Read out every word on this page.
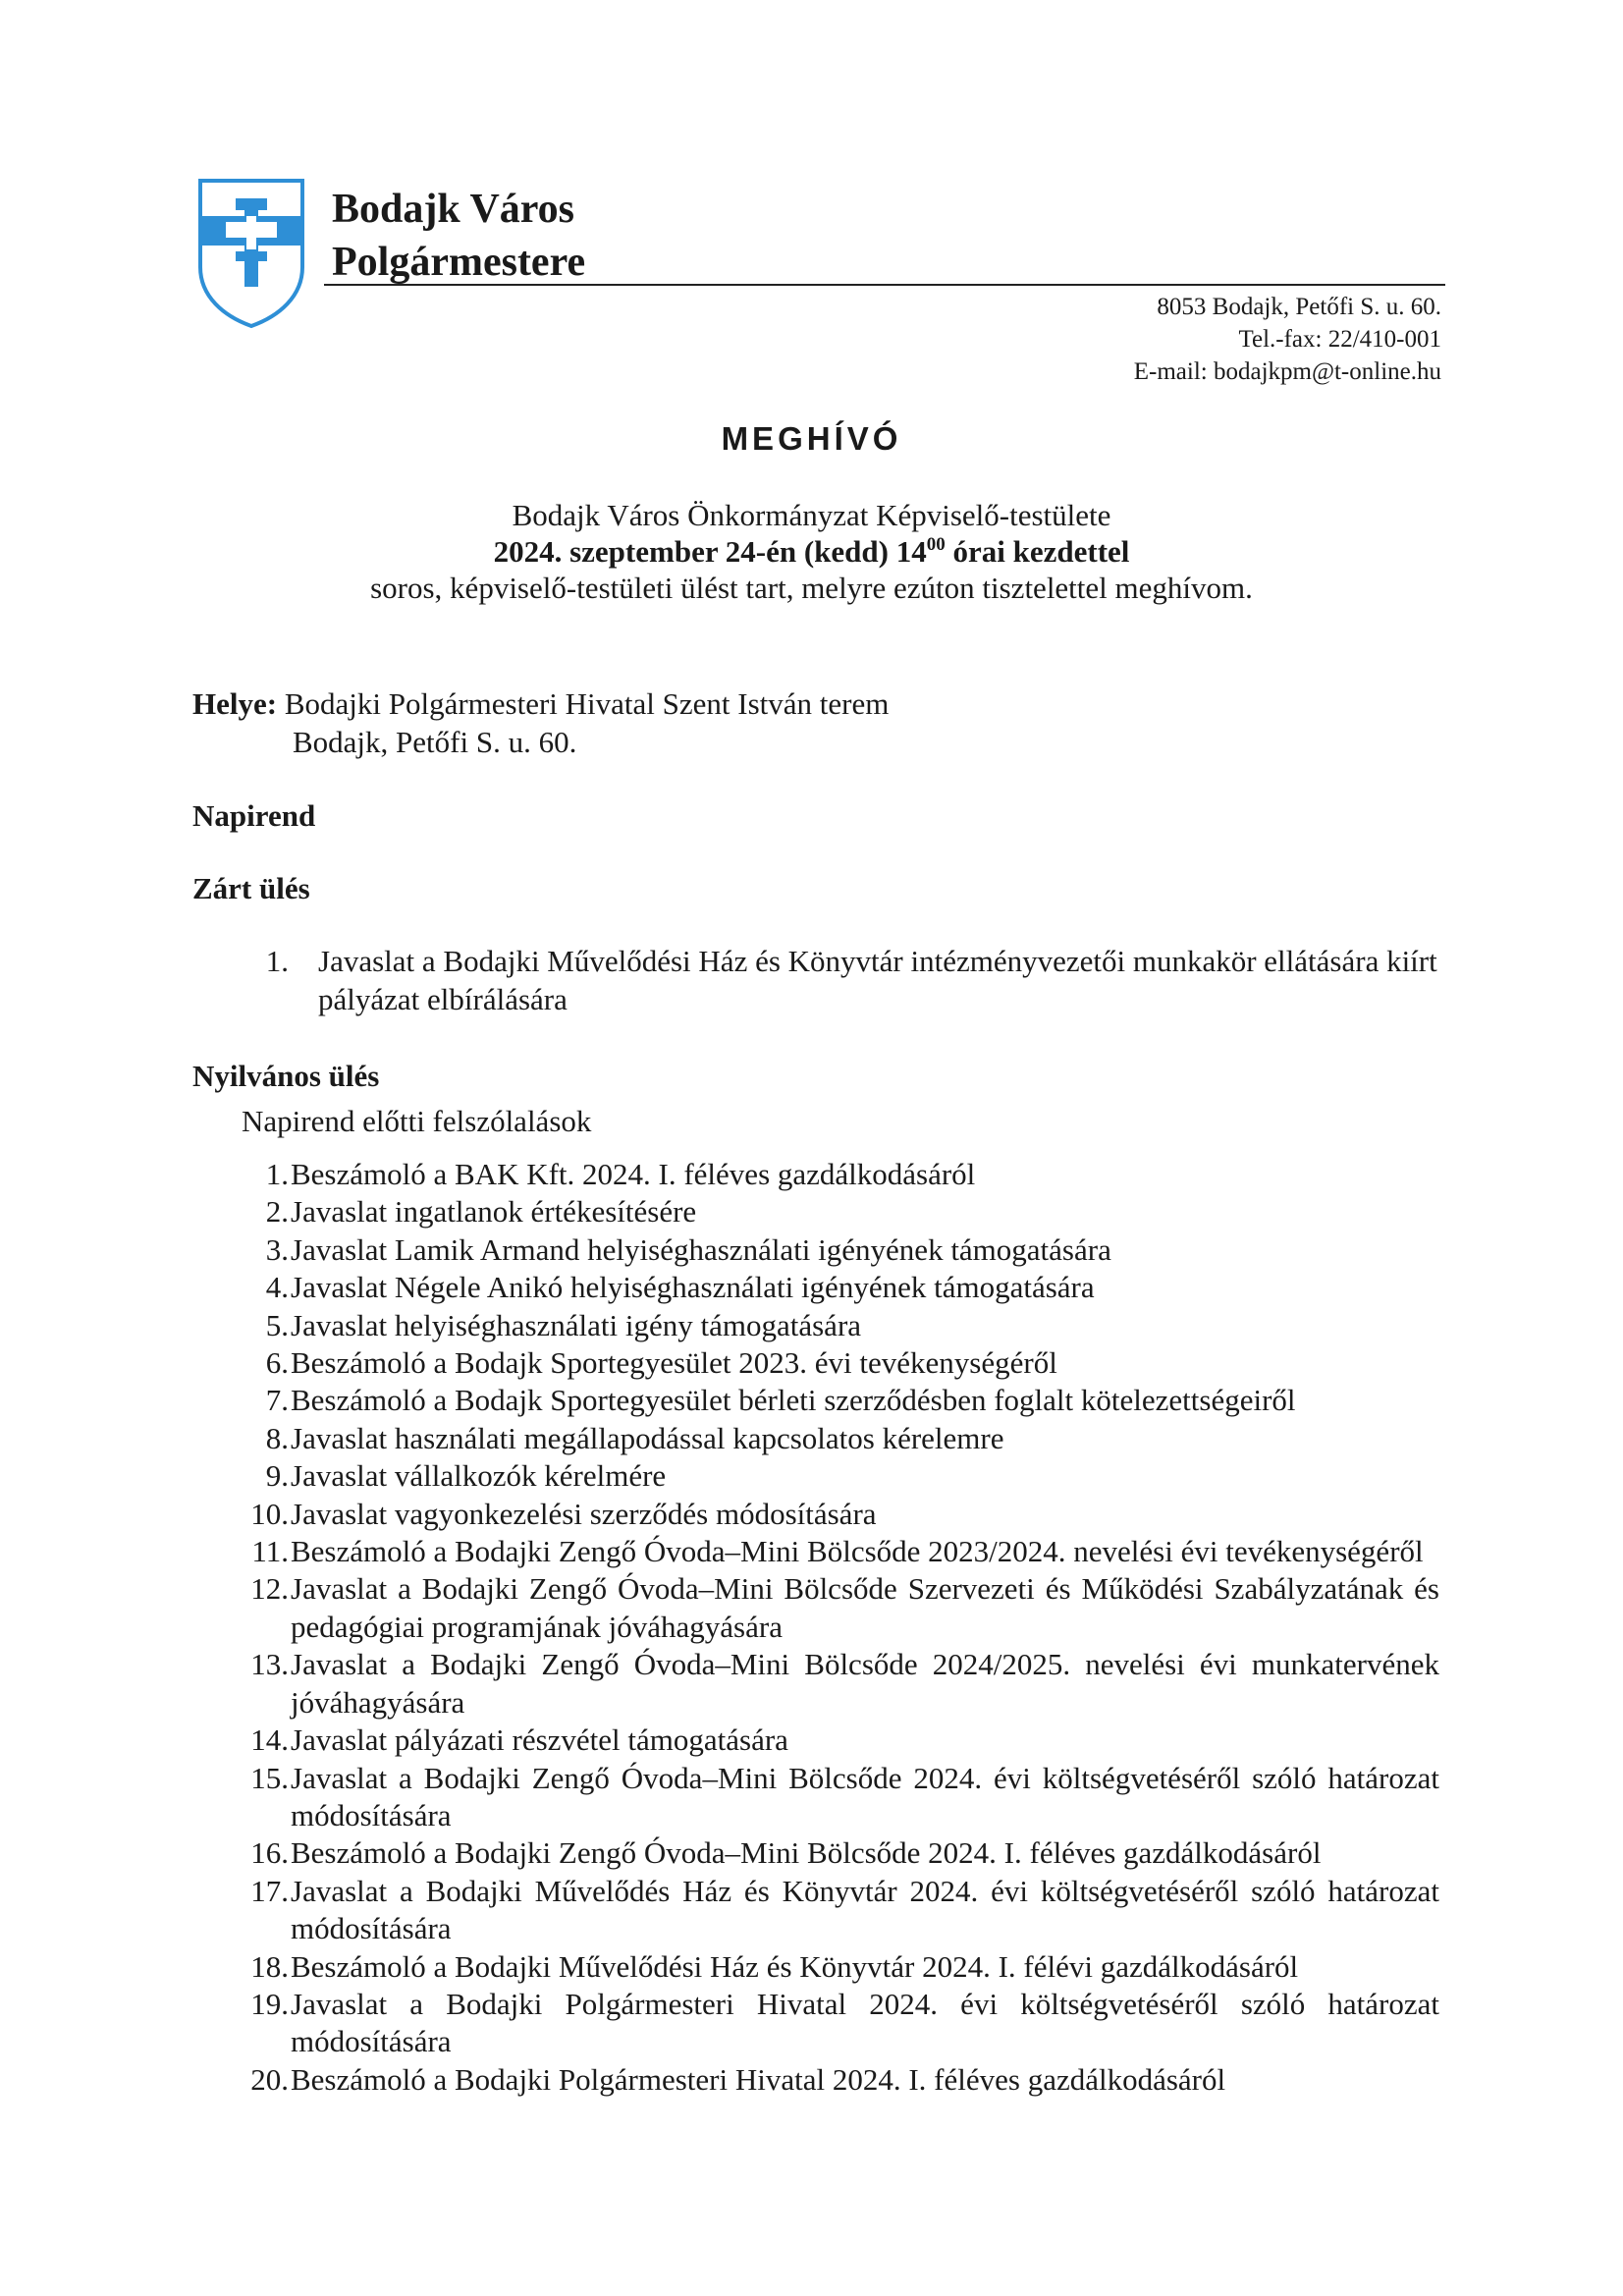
Bodajk Város
Polgármestere
8053 Bodajk, Petőfi S. u. 60.
Tel.-fax: 22/410-001
E-mail: bodajkpm@t-online.hu
MEGHÍVÓ
Bodajk Város Önkormányzat Képviselő-testülete
2024. szeptember 24-én (kedd) $14^{00}$ órai kezdettel
soros, képviselő-testületi ülést tart, melyre ezúton tisztelettel meghívom.
Helye: Bodajki Polgármesteri Hivatal Szent István terem
Bodajk, Petőfi S. u. 60.
Napirend
Zárt ülés
1. Javaslat a Bodajki Művelődési Ház és Könyvtár intézményvezetői munkakör ellátására kiírt pályázat elbírálására
Nyilvános ülés
Napirend előtti felszólalások
1. Beszámoló a BAK Kft. 2024. I. féléves gazdálkodásáról
2. Javaslat ingatlanok értékesítésére
3. Javaslat Lamik Armand helyiséghasználati igényének támogatására
4. Javaslat Négele Anikó helyiséghasználati igényének támogatására
5. Javaslat helyiséghasználati igény támogatására
6. Beszámoló a Bodajk Sportegyesület 2023. évi tevékenységéről
7. Beszámoló a Bodajk Sportegyesület bérleti szerződésben foglalt kötelezettségeiről
8. Javaslat használati megállapodással kapcsolatos kérelemre
9. Javaslat vállalkozók kérelmére
10. Javaslat vagyonkezelési szerződés módosítására
11. Beszámoló a Bodajki Zengő Óvoda–Mini Bölcsőde 2023/2024. nevelési évi tevékenységéről
12. Javaslat a Bodajki Zengő Óvoda–Mini Bölcsőde Szervezeti és Működési Szabályzatának és pedagógiai programjának jóváhagyására
13. Javaslat a Bodajki Zengő Óvoda–Mini Bölcsőde 2024/2025. nevelési évi munkatervének jóváhagyására
14. Javaslat pályázati részvétel támogatására
15. Javaslat a Bodajki Zengő Óvoda–Mini Bölcsőde 2024. évi költségvetéséről szóló határozat módosítására
16. Beszámoló a Bodajki Zengő Óvoda–Mini Bölcsőde 2024. I. féléves gazdálkodásáról
17. Javaslat a Bodajki Művelődés Ház és Könyvtár 2024. évi költségvetéséről szóló határozat módosítására
18. Beszámoló a Bodajki Művelődési Ház és Könyvtár 2024. I. félévi gazdálkodásáról
19. Javaslat a Bodajki Polgármesteri Hivatal 2024. évi költségvetéséről szóló határozat módosítására
20. Beszámoló a Bodajki Polgármesteri Hivatal 2024. I. féléves gazdálkodásáról
